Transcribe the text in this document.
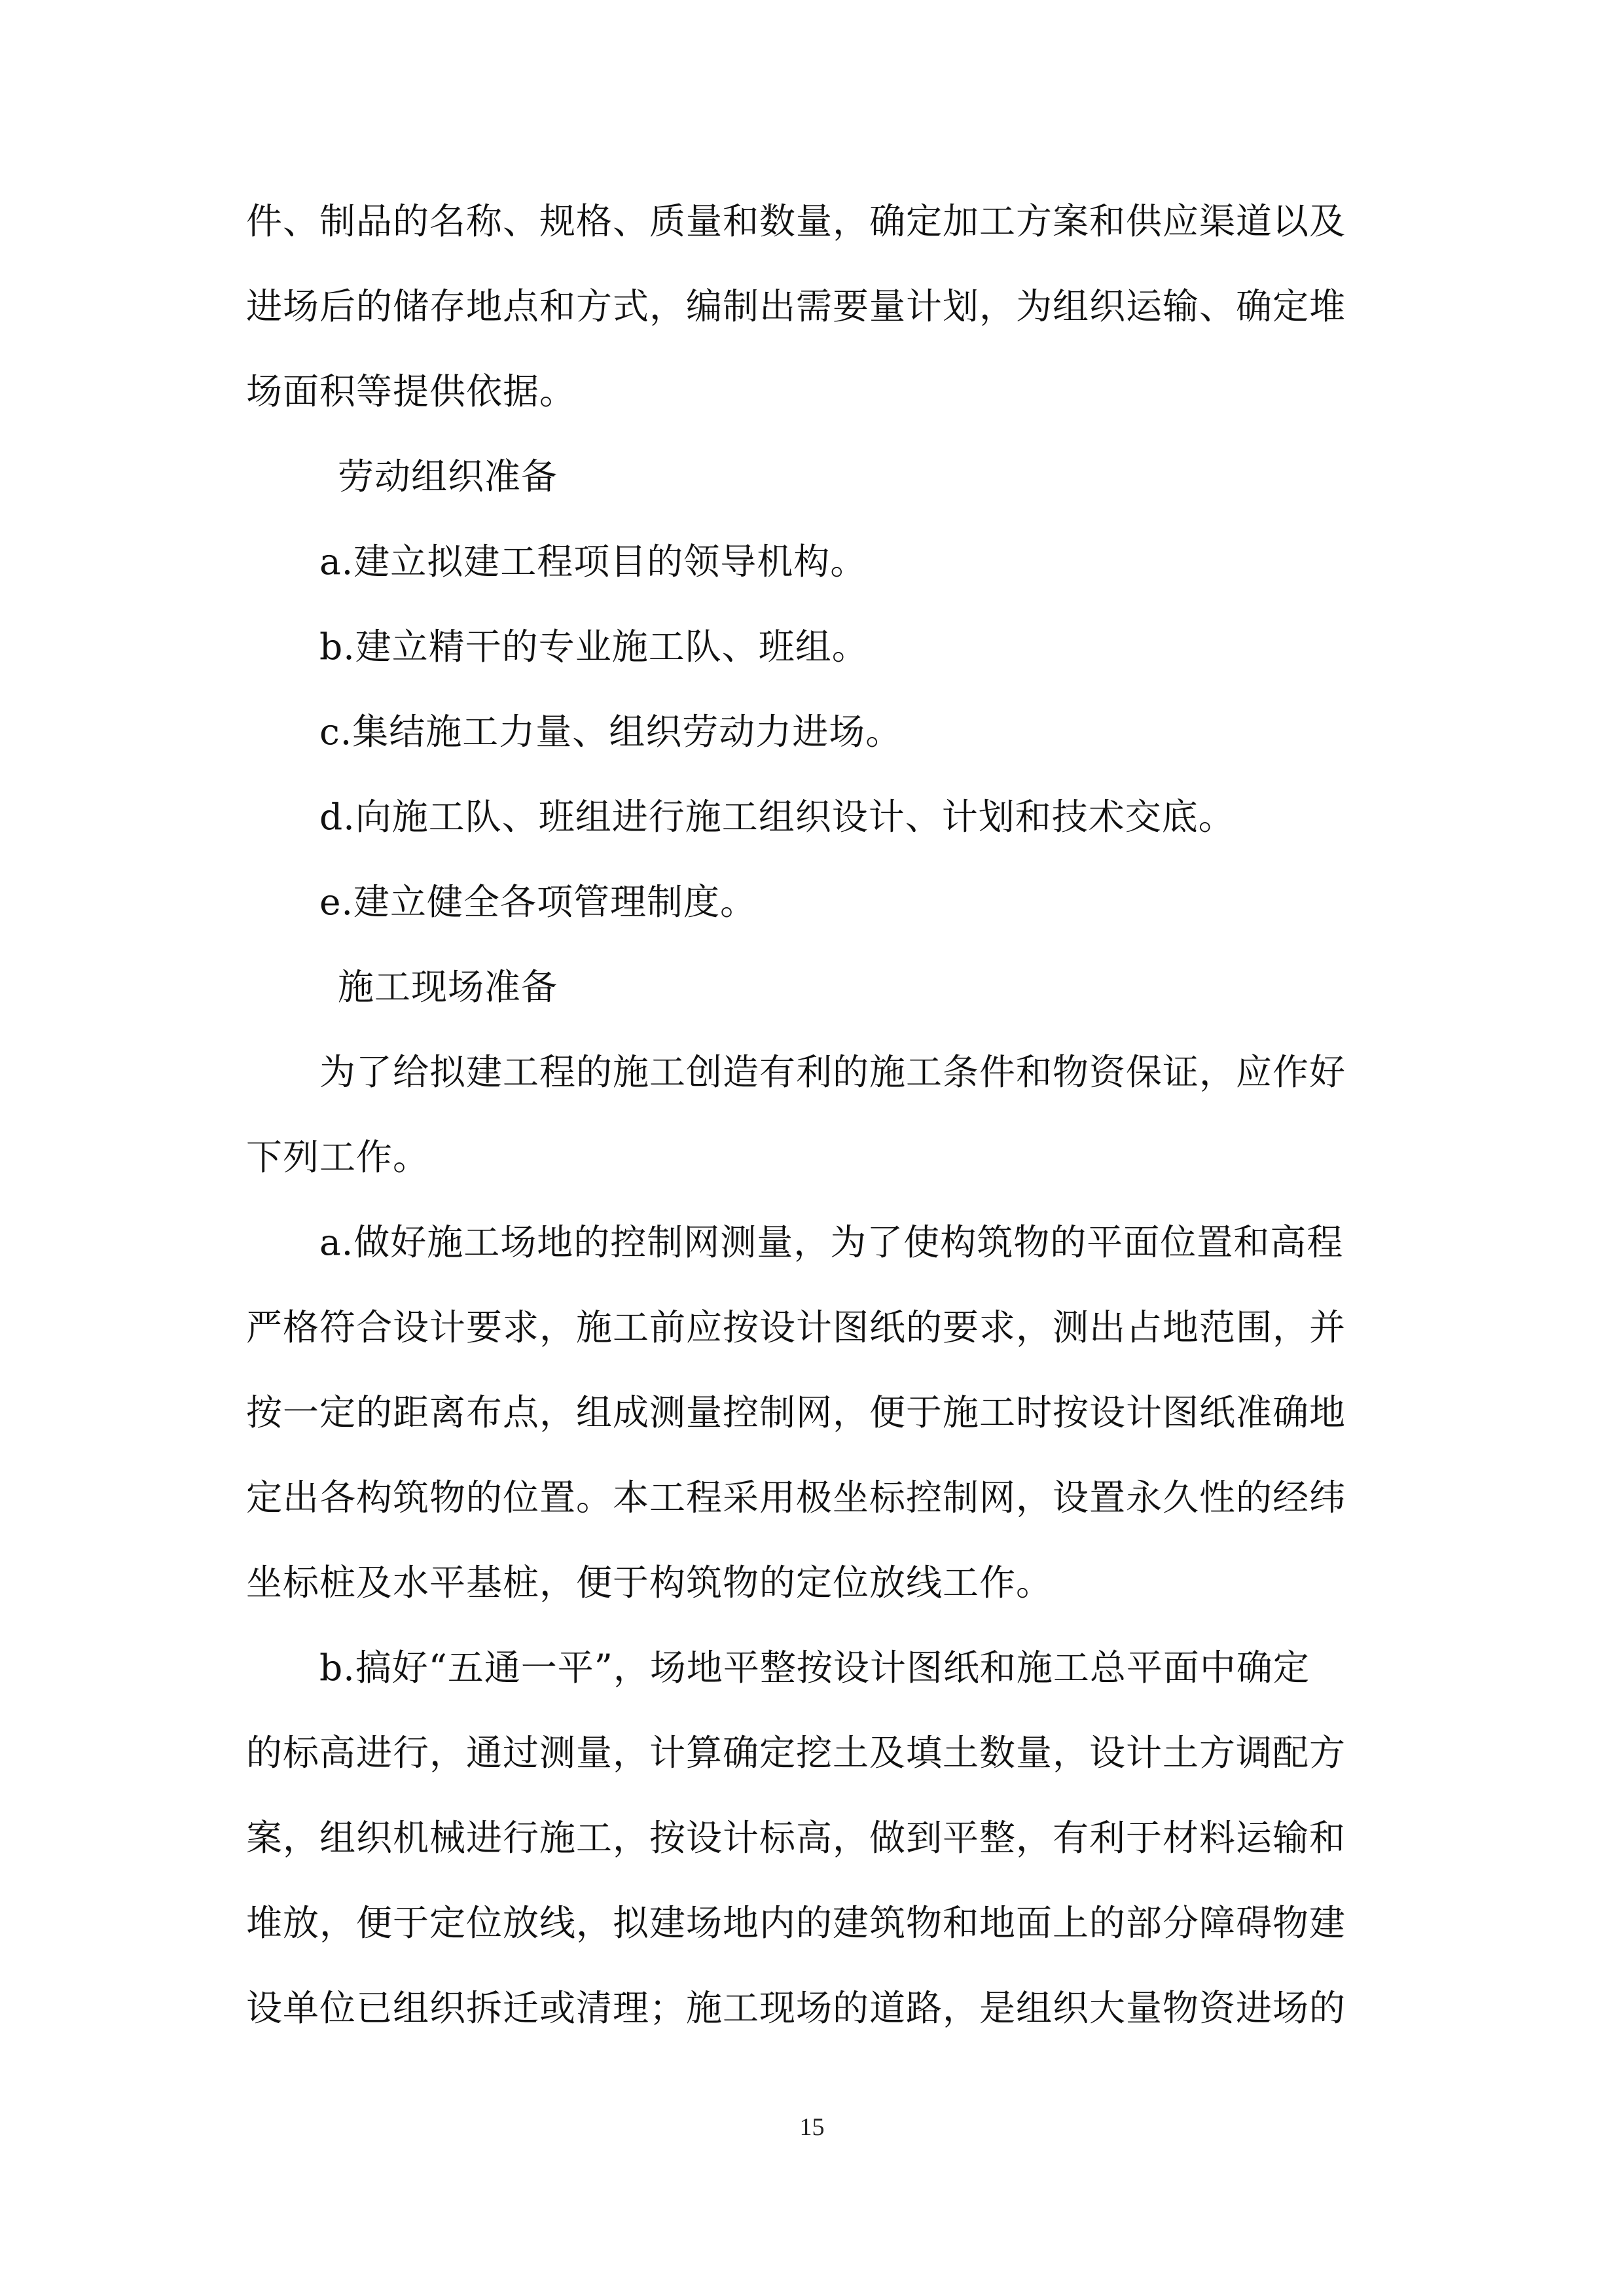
件、制品的名称、规格、质量和数量，确定加工方案和供应渠道以及
进场后的储存地点和方式，编制出需要量计划，为组织运输、确定堆
场面积等提供依据。
劳动组织准备
a.建立拟建工程项目的领导机构。
b.建立精干的专业施工队、班组。
c.集结施工力量、组织劳动力进场。
d.向施工队、班组进行施工组织设计、计划和技术交底。
e.建立健全各项管理制度。
施工现场准备
为了给拟建工程的施工创造有利的施工条件和物资保证，应作好
下列工作。
a.做好施工场地的控制网测量，为了使构筑物的平面位置和高程
严格符合设计要求，施工前应按设计图纸的要求，测出占地范围，并
按一定的距离布点，组成测量控制网，便于施工时按设计图纸准确地
定出各构筑物的位置。本工程采用极坐标控制网，设置永久性的经纬
坐标桩及水平基桩，便于构筑物的定位放线工作。
b.搞好“五通一平”，场地平整按设计图纸和施工总平面中确定
的标高进行，通过测量，计算确定挖土及填土数量，设计土方调配方
案，组织机械进行施工，按设计标高，做到平整，有利于材料运输和
堆放，便于定位放线，拟建场地内的建筑物和地面上的部分障碍物建
设单位已组织拆迁或清理；施工现场的道路，是组织大量物资进场的
15
